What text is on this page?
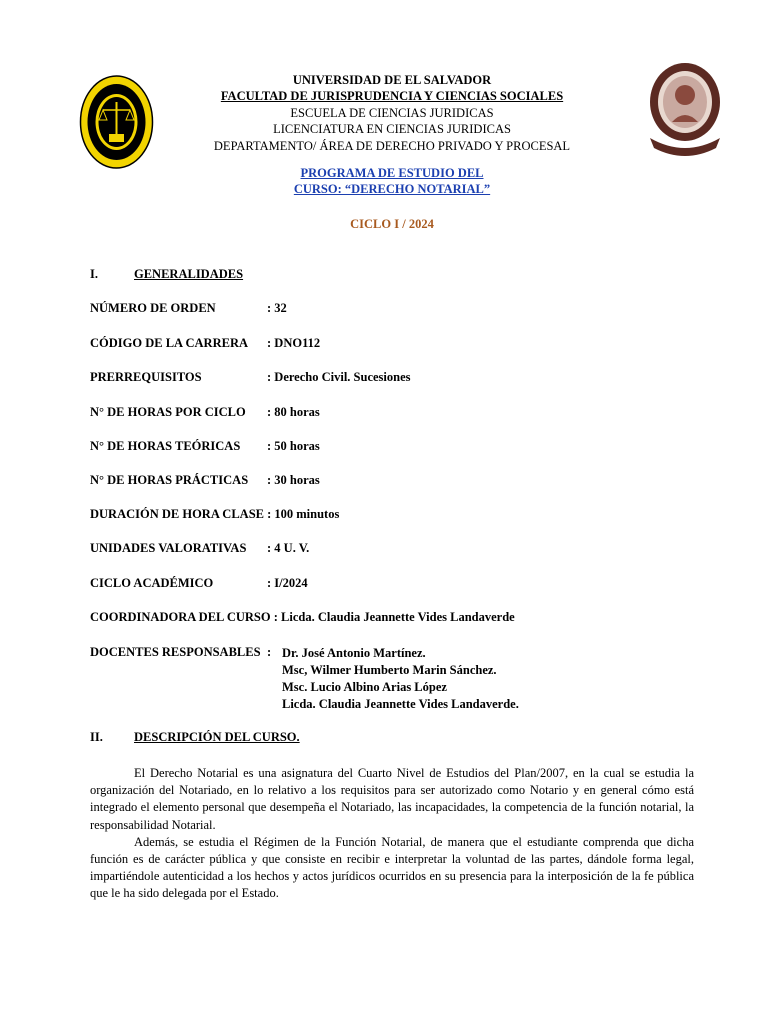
UNIVERSIDAD DE EL SALVADOR
FACULTAD DE JURISPRUDENCIA Y CIENCIAS SOCIALES
ESCUELA DE CIENCIAS JURIDICAS
LICENCIATURA EN CIENCIAS JURIDICAS
DEPARTAMENTO/ ÁREA DE DERECHO PRIVADO Y PROCESAL
PROGRAMA DE ESTUDIO DEL
CURSO: “DERECHO NOTARIAL”
CICLO I / 2024
I.	GENERALIDADES
NÚMERO DE ORDEN	: 32
CÓDIGO DE LA CARRERA : DNO112
PRERREQUISITOS	: Derecho Civil. Sucesiones
N° DE HORAS POR CICLO : 80 horas
N° DE HORAS TEÓRICAS : 50 horas
N° DE HORAS PRÁCTICAS : 30 horas
DURACIÓN DE HORA CLASE : 100 minutos
UNIDADES VALORATIVAS : 4 U. V.
CICLO ACADÉMICO	: I/2024
COORDINADORA DEL CURSO : Licda. Claudia Jeannette Vides Landaverde
DOCENTES RESPONSABLES : Dr. José Antonio Martínez.
Msc, Wilmer Humberto Marin Sánchez.
Msc. Lucio Albino Arias López
Licda. Claudia Jeannette Vides Landaverde.
II. DESCRIPCIÓN DEL CURSO.

El Derecho Notarial es una asignatura del Cuarto Nivel de Estudios del Plan/2007, en la cual se estudia la organización del Notariado, en lo relativo a los requisitos para ser autorizado como Notario y en general cómo está integrado el elemento personal que desempeña el Notariado, las incapacidades, la competencia de la función notarial, la responsabilidad Notarial.

Además, se estudia el Régimen de la Función Notarial, de manera que el estudiante comprenda que dicha función es de carácter pública y que consiste en recibir e interpretar la voluntad de las partes, dándole forma legal, impartiéndole autenticidad a los hechos y actos jurídicos ocurridos en su presencia para la interposición de la fe pública que le ha sido delegada por el Estado.
